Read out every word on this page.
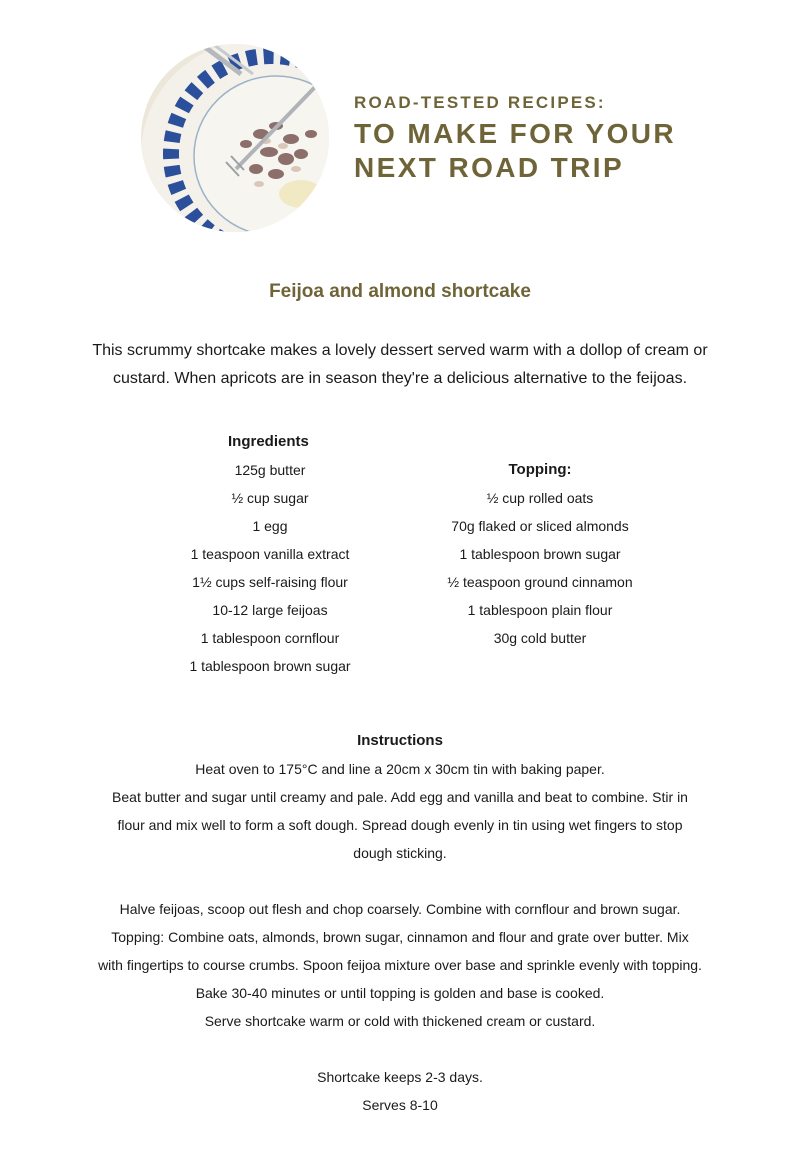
ROAD-TESTED RECIPES:
TO MAKE FOR YOUR
NEXT ROAD TRIP
Feijoa and almond shortcake
This scrummy shortcake makes a lovely dessert served warm with a dollop of cream or
custard. When apricots are in season they're a delicious alternative to the feijoas.
Ingredients
125g butter
½ cup sugar
1 egg
1 teaspoon vanilla extract
1½ cups self-raising flour
10-12 large feijoas
1 tablespoon cornflour
1 tablespoon brown sugar
Topping:
½ cup rolled oats
70g flaked or sliced almonds
1 tablespoon brown sugar
½ teaspoon ground cinnamon
1 tablespoon plain flour
30g cold butter
Instructions
Heat oven to 175°C and line a 20cm x 30cm tin with baking paper.
Beat butter and sugar until creamy and pale. Add egg and vanilla and beat to combine. Stir in
flour and mix well to form a soft dough. Spread dough evenly in tin using wet fingers to stop
dough sticking.
Halve feijoas, scoop out flesh and chop coarsely. Combine with cornflour and brown sugar.
Topping: Combine oats, almonds, brown sugar, cinnamon and flour and grate over butter. Mix
with fingertips to course crumbs. Spoon feijoa mixture over base and sprinkle evenly with topping.
Bake 30-40 minutes or until topping is golden and base is cooked.
Serve shortcake warm or cold with thickened cream or custard.
Shortcake keeps 2-3 days.
Serves 8-10
